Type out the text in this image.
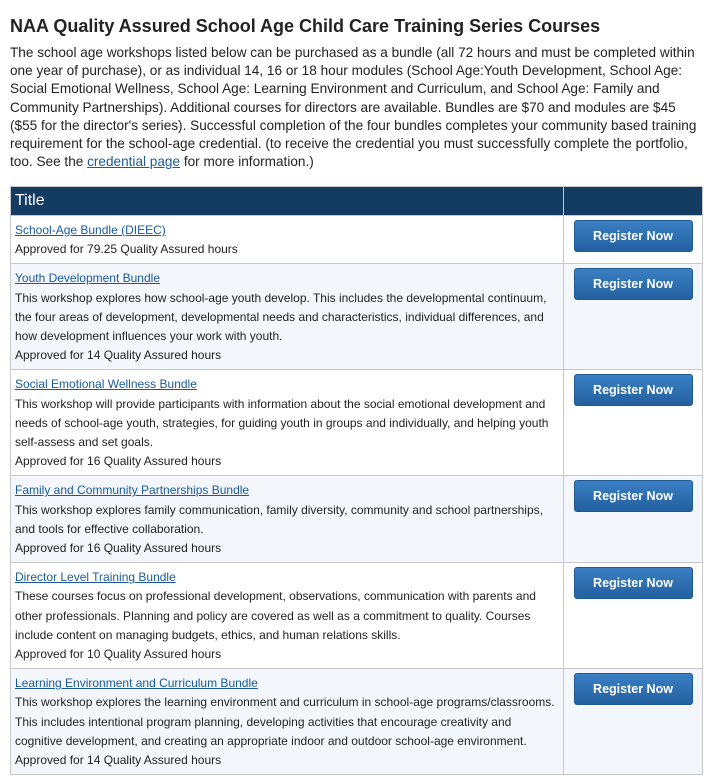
NAA Quality Assured School Age Child Care Training Series Courses

The school age workshops listed below can be purchased as a bundle (all 72 hours and must be completed within one year of purchase), or as individual 14, 16 or 18 hour modules (School Age:Youth Development, School Age: Social Emotional Wellness, School Age: Learning Environment and Curriculum, and School Age: Family and Community Partnerships). Additional courses for directors are available. Bundles are $70 and modules are $45 ($55 for the director's series). Successful completion of the four bundles completes your community based training requirement for the school-age credential. (to receive the credential you must successfully complete the portfolio, too. See the credential page for more information.)

Title	
School-Age Bundle (DIEEC)
Approved for 79.25 Quality Assured hours	Register Now
Youth Development Bundle
This workshop explores how school-age youth develop. This includes the developmental continuum, the four areas of development, developmental needs and characteristics, individual differences, and how development influences your work with youth.
Approved for 14 Quality Assured hours	Register Now
Social Emotional Wellness Bundle
This workshop will provide participants with information about the social emotional development and needs of school-age youth, strategies, for guiding youth in groups and individually, and helping youth self-assess and set goals.
Approved for 16 Quality Assured hours	Register Now
Family and Community Partnerships Bundle
This workshop explores family communication, family diversity, community and school partnerships, and tools for effective collaboration.
Approved for 16 Quality Assured hours	Register Now
Director Level Training Bundle
These courses focus on professional development, observations, communication with parents and other professionals. Planning and policy are covered as well as a commitment to quality. Courses include content on managing budgets, ethics, and human relations skills.
Approved for 10 Quality Assured hours	Register Now
Learning Environment and Curriculum Bundle
This workshop explores the learning environment and curriculum in school-age programs/classrooms. This includes intentional program planning, developing activities that encourage creativity and cognitive development, and creating an appropriate indoor and outdoor school-age environment.
Approved for 14 Quality Assured hours	Register Now
